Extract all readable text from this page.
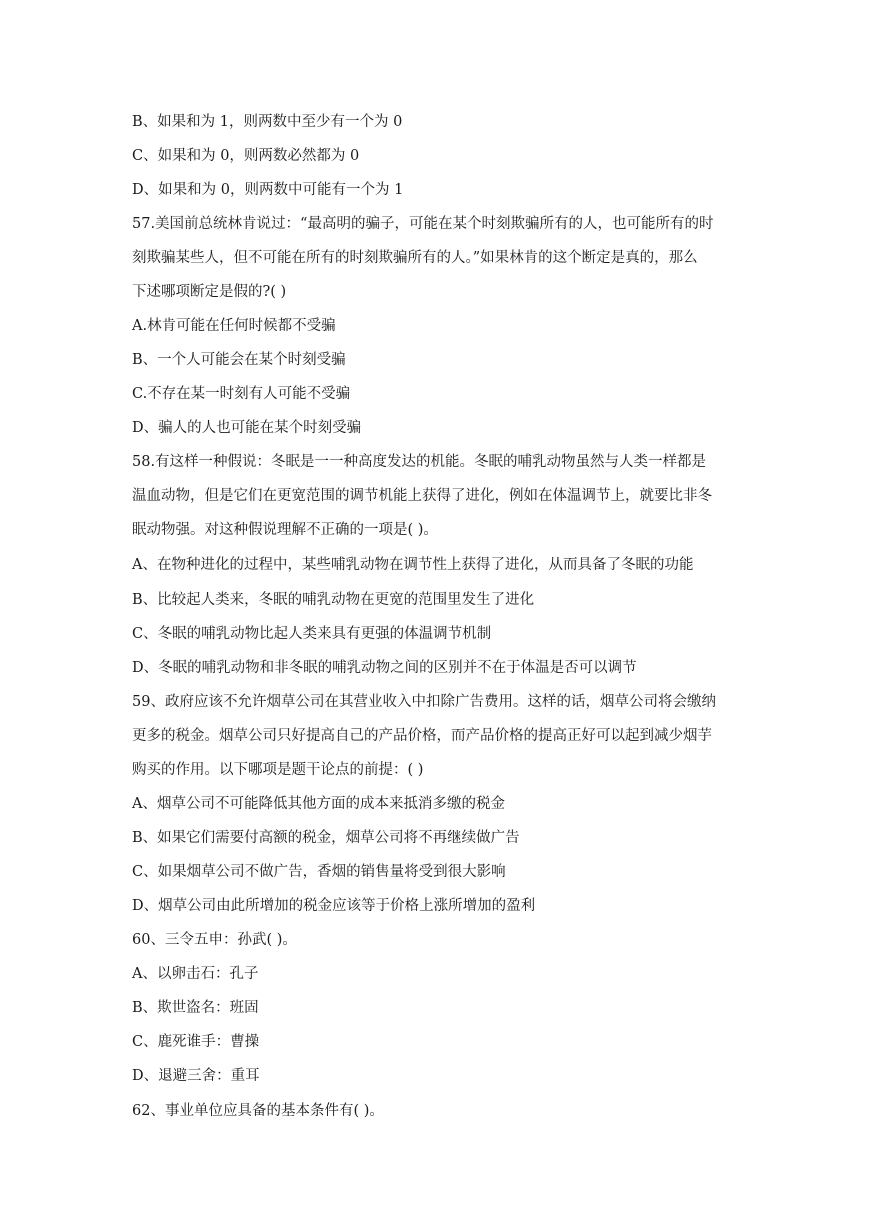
B、如果和为 1，则两数中至少有一个为 0
C、如果和为 0，则两数必然都为 0
D、如果和为 0，则两数中可能有一个为 1
57.美国前总统林肯说过：“最高明的骗子，可能在某个时刻欺骗所有的人，也可能所有的时
刻欺骗某些人，但不可能在所有的时刻欺骗所有的人。”如果林肯的这个断定是真的，那么
下述哪项断定是假的?( )
A.林肯可能在任何时候都不受骗
B、一个人可能会在某个时刻受骗
C.不存在某一时刻有人可能不受骗
D、骗人的人也可能在某个时刻受骗
58.有这样一种假说：冬眠是一一种高度发达的机能。冬眠的哺乳动物虽然与人类一样都是
温血动物，但是它们在更宽范围的调节机能上获得了进化，例如在体温调节上，就要比非冬
眠动物强。对这种假说理解不正确的一项是( )。
A、在物种进化的过程中，某些哺乳动物在调节性上获得了进化，从而具备了冬眠的功能
B、比较起人类来，冬眠的哺乳动物在更宽的范围里发生了进化
C、冬眠的哺乳动物比起人类来具有更强的体温调节机制
D、冬眠的哺乳动物和非冬眠的哺乳动物之间的区别并不在于体温是否可以调节
59、政府应该不允许烟草公司在其营业收入中扣除广告费用。这样的话，烟草公司将会缴纳
更多的税金。烟草公司只好提高自己的产品价格，而产品价格的提高正好可以起到减少烟芋
购买的作用。以下哪项是题干论点的前提：( )
A、烟草公司不可能降低其他方面的成本来抵消多缴的税金
B、如果它们需要付高额的税金，烟草公司将不再继续做广告
C、如果烟草公司不做广告，香烟的销售量将受到很大影响
D、烟草公司由此所增加的税金应该等于价格上涨所增加的盈利
60、三令五申：孙武( )。
A、以卵击石：孔子
B、欺世盗名：班固
C、鹿死谁手：曹操
D、退避三舍：重耳
62、事业单位应具备的基本条件有( )。
